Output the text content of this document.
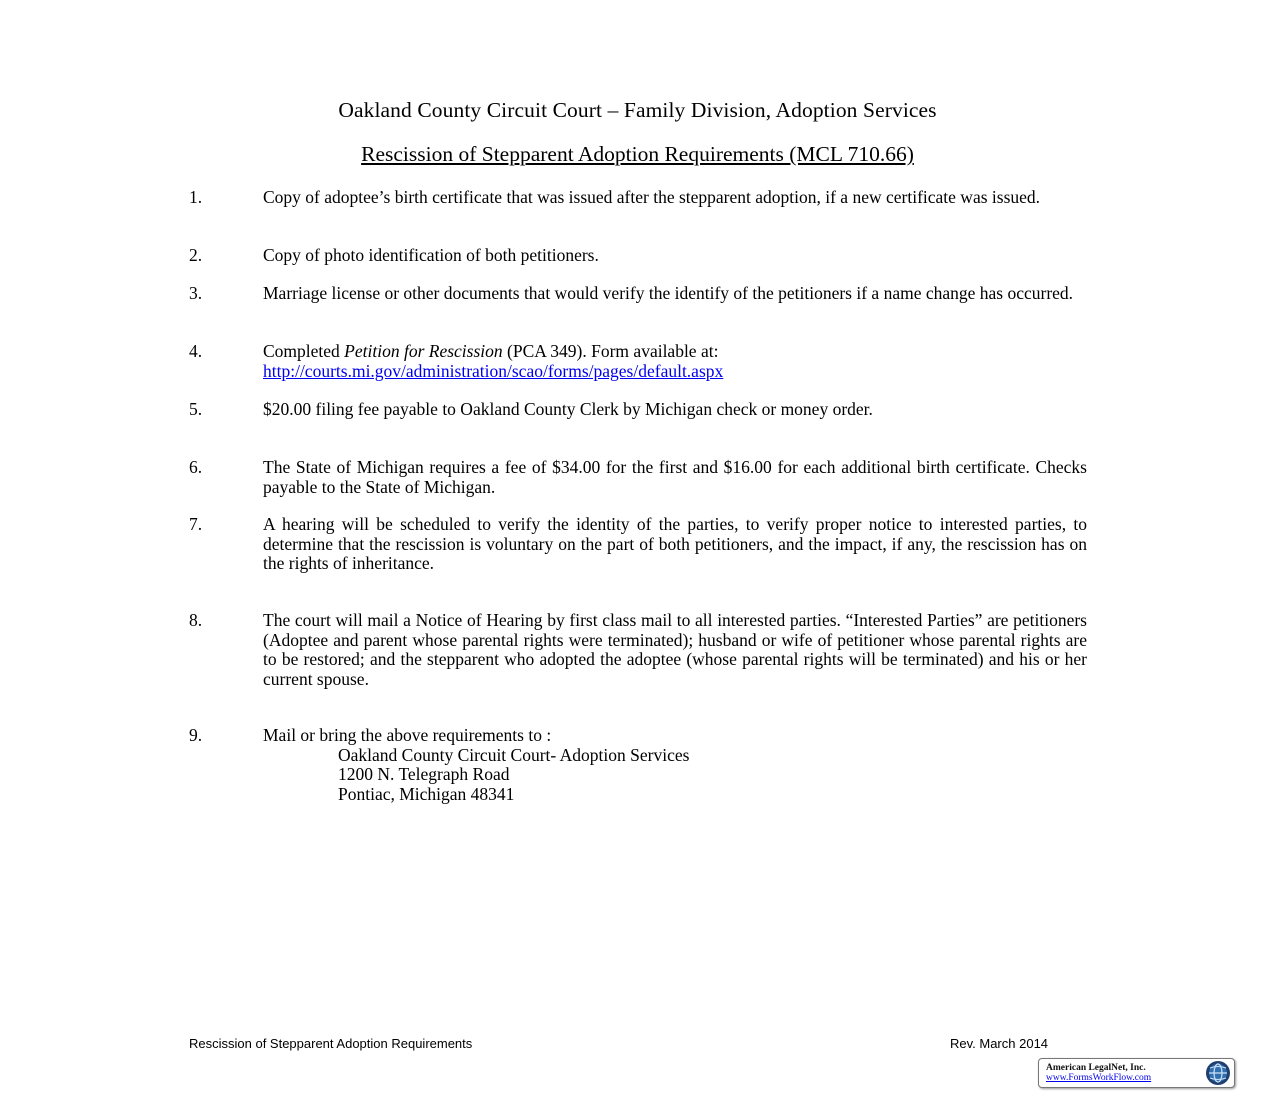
Oakland County Circuit Court – Family Division, Adoption Services
Rescission of Stepparent Adoption Requirements (MCL 710.66)
1.	Copy of adoptee’s birth certificate that was issued after the stepparent adoption, if a new certificate was issued.
2.	Copy of photo identification of both petitioners.
3.	Marriage license or other documents that would verify the identify of the petitioners if a name change has occurred.
4.	Completed Petition for Rescission (PCA 349). Form available at:
http://courts.mi.gov/administration/scao/forms/pages/default.aspx
5.	$20.00 filing fee payable to Oakland County Clerk by Michigan check or money order.
6.	The State of Michigan requires a fee of $34.00 for the first and $16.00 for each additional birth certificate. Checks payable to the State of Michigan.
7.	A hearing will be scheduled to verify the identity of the parties, to verify proper notice to interested parties, to determine that the rescission is voluntary on the part of both petitioners, and the impact, if any, the rescission has on the rights of inheritance.
8.	The court will mail a Notice of Hearing by first class mail to all interested parties. “Interested Parties” are petitioners (Adoptee and parent whose parental rights were terminated); husband or wife of petitioner whose parental rights are to be restored; and the stepparent who adopted the adoptee (whose parental rights will be terminated) and his or her current spouse.
9.	Mail or bring the above requirements to :
Oakland County Circuit Court- Adoption Services
1200 N. Telegraph Road
Pontiac, Michigan 48341
Rescission of Stepparent Adoption Requirements	Rev. March 2014
American LegalNet, Inc.
www.FormsWorkFlow.com
